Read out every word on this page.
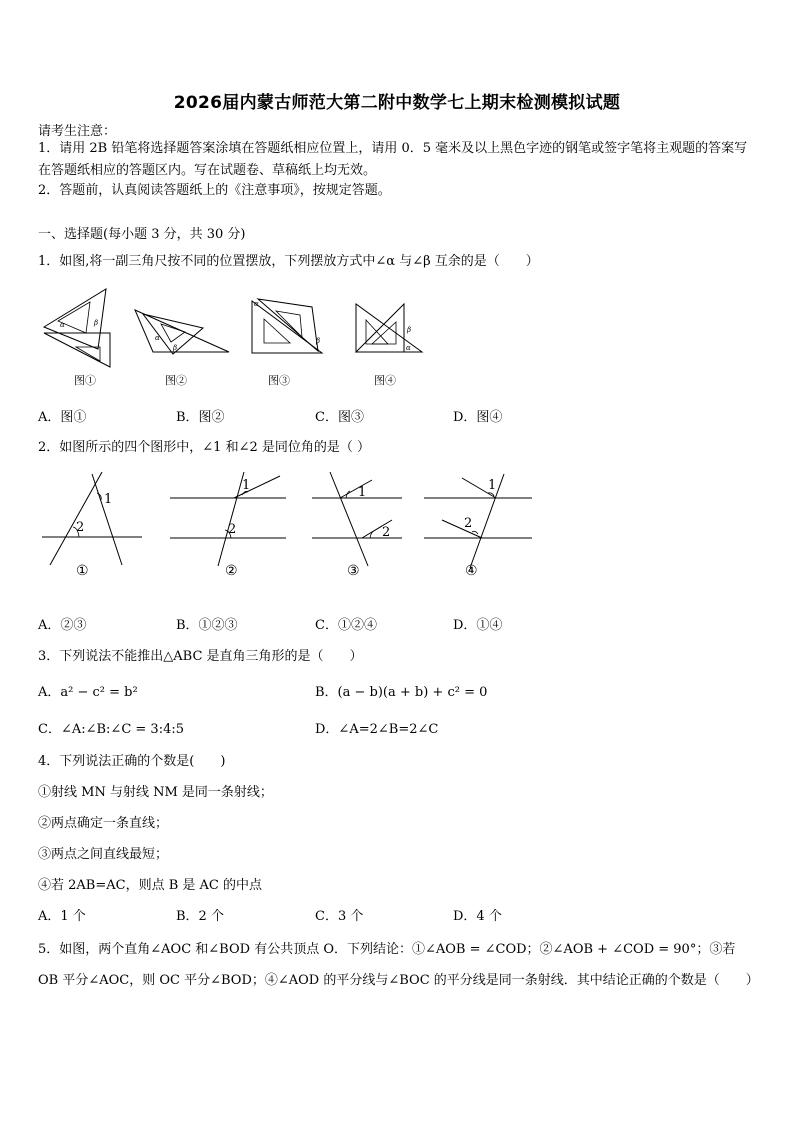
2026届内蒙古师范大第二附中数学七上期末检测模拟试题
请考生注意：
1．请用 2B 铅笔将选择题答案涂填在答题纸相应位置上，请用 0．5 毫米及以上黑色字迹的钢笔或签字笔将主观题的答案写在答题纸相应的答题区内。写在试题卷、草稿纸上均无效。
2．答题前，认真阅读答题纸上的《注意事项》，按规定答题。
一、选择题(每小题 3 分，共 30 分)
1．如图,将一副三角尺按不同的位置摆放，下列摆放方式中∠α 与∠β 互余的是（　　）
α	β
图①
α
β
图②
α
β
图③
β
α
图④
A．图①	B．图②	C．图③	D．图④
2．如图所示的四个图形中，∠1 和∠2 是同位角的是（ ）
1
2
①
1
2
②
1
2
③
1
2
④
A．②③	B．①②③	C．①②④	D．①④
3．下列说法不能推出△ABC 是直角三角形的是（　　）
A．a² − c² = b²	B．(a − b)(a + b) + c² = 0
C．∠A:∠B:∠C = 3:4:5	D．∠A=2∠B=2∠C
4．下列说法正确的个数是(　　)
①射线 MN 与射线 NM 是同一条射线；
②两点确定一条直线；
③两点之间直线最短；
④若 2AB=AC，则点 B 是 AC 的中点
A．1 个	B．2 个	C．3 个	D．4 个
5．如图，两个直角∠AOC 和∠BOD 有公共顶点 O．下列结论：①∠AOB = ∠COD；②∠AOB + ∠COD = 90°；③若 OB 平分∠AOC，则 OC 平分∠BOD；④∠AOD 的平分线与∠BOC 的平分线是同一条射线．其中结论正确的个数是（　　）
